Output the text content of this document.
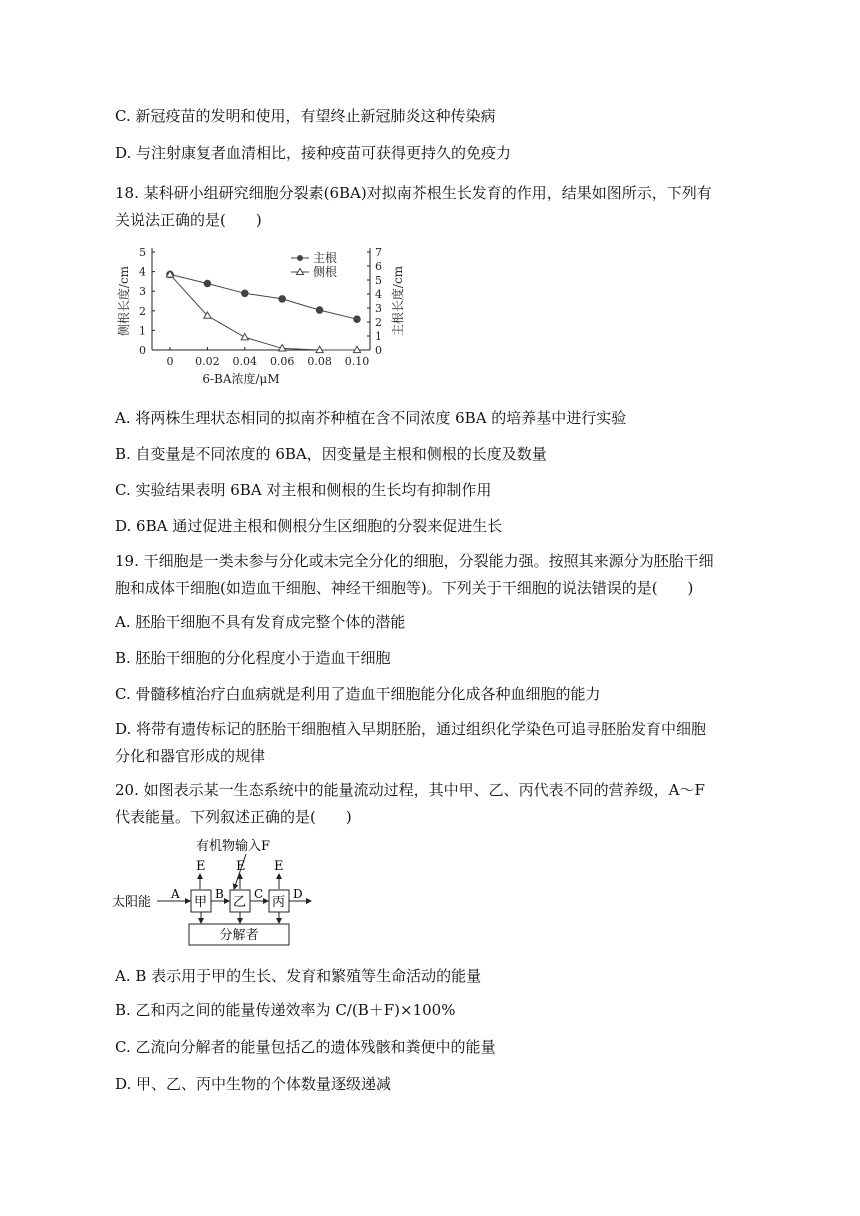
C. 新冠疫苗的发明和使用，有望终止新冠肺炎这种传染病
D. 与注射康复者血清相比，接种疫苗可获得更持久的免疫力
18. 某科研小组研究细胞分裂素(6BA)对拟南芥根生长发育的作用，结果如图所示，下列有
关说法正确的是(　　)
0
1
2
3
4
5
0
1
2
3
4
5
6
7
0 0.02 0.04 0.06 0.08 0.10
侧根长度/cm	主根长度/cm
6-BA浓度/μM
主根
侧根
A. 将两株生理状态相同的拟南芥种植在含不同浓度 6BA 的培养基中进行实验
B. 自变量是不同浓度的 6BA，因变量是主根和侧根的长度及数量
C. 实验结果表明 6BA 对主根和侧根的生长均有抑制作用
D. 6BA 通过促进主根和侧根分生区细胞的分裂来促进生长
19. 干细胞是一类未参与分化或未完全分化的细胞，分裂能力强。按照其来源分为胚胎干细
胞和成体干细胞(如造血干细胞、神经干细胞等)。下列关于干细胞的说法错误的是(　　)
A. 胚胎干细胞不具有发育成完整个体的潜能
B. 胚胎干细胞的分化程度小于造血干细胞
C. 骨髓移植治疗白血病就是利用了造血干细胞能分化成各种血细胞的能力
D. 将带有遗传标记的胚胎干细胞植入早期胚胎，通过组织化学染色可追寻胚胎发育中细胞
分化和器官形成的规律
20. 如图表示某一生态系统中的能量流动过程，其中甲、乙、丙代表不同的营养级，A～F
代表能量。下列叙述正确的是(　　)
有机物输入F
E E E
太阳能	甲 乙 丙
A	B	C D
分解者
A. B 表示用于甲的生长、发育和繁殖等生命活动的能量
B. 乙和丙之间的能量传递效率为 C/(B＋F)×100%
C. 乙流向分解者的能量包括乙的遗体残骸和粪便中的能量
D. 甲、乙、丙中生物的个体数量逐级递减
